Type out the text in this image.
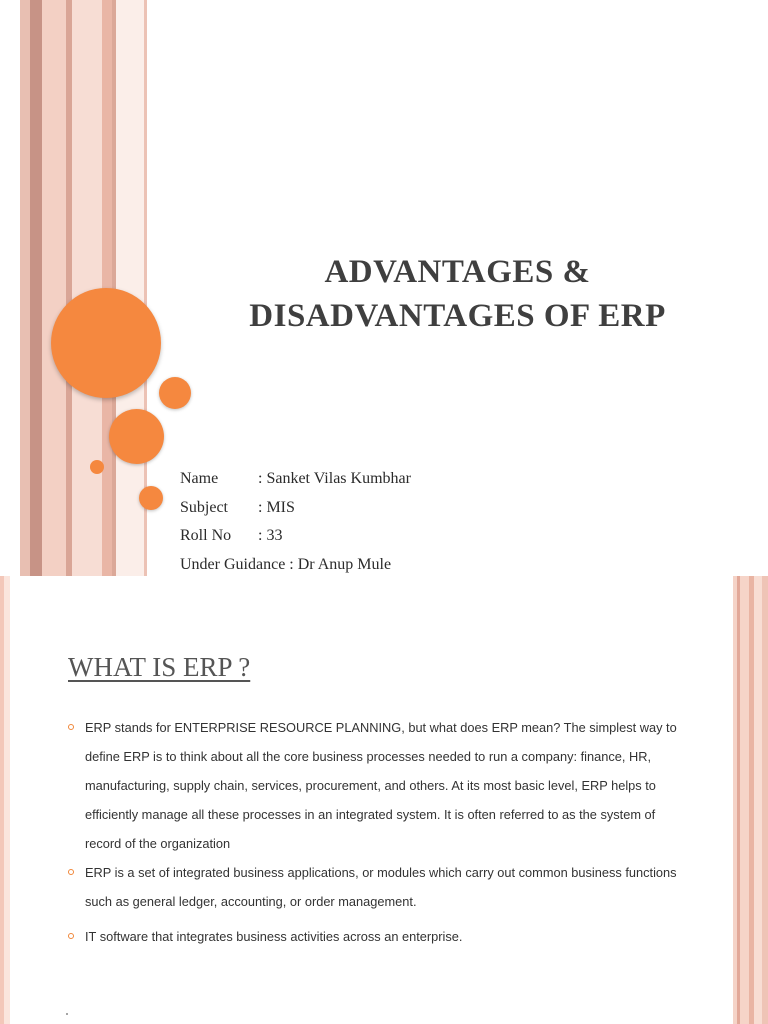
ADVANTAGES &
DISADVANTAGES OF ERP
Name : Sanket Vilas Kumbhar
Subject : MIS
Roll No : 33
Under Guidance : Dr Anup Mule
WHAT IS ERP ?
ERP stands for ENTERPRISE RESOURCE PLANNING, but what does ERP mean? The simplest way to define ERP is to think about all the core business processes needed to run a company: finance, HR, manufacturing, supply chain, services, procurement, and others. At its most basic level, ERP helps to efficiently manage all these processes in an integrated system. It is often referred to as the system of record of the organization
ERP is a set of integrated business applications, or modules which carry out common business functions such as general ledger, accounting, or order management.
IT software that integrates business activities across an enterprise.
